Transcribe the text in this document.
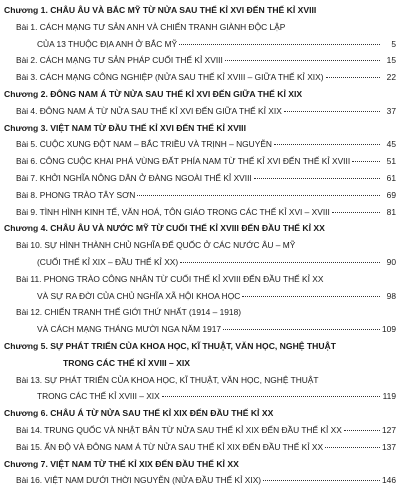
Chương 1. CHÂU ÂU VÀ BẮC MỸ TỪ NỬA SAU THẾ KỈ XVI ĐẾN THẾ KỈ XVIII
Bài 1. CÁCH MẠNG TƯ SẢN ANH VÀ CHIẾN TRANH GIÀNH ĐỘC LẬP
CỦA 13 THUỘC ĐỊA ANH Ở BẮC MỸ	5
Bài 2. CÁCH MẠNG TƯ SẢN PHÁP CUỐI THẾ KỈ XVIII	15
Bài 3. CÁCH MẠNG CÔNG NGHIỆP (NỬA SAU THẾ KỈ XVIII – GIỮA THẾ KỈ XIX)	22
Chương 2. ĐÔNG NAM Á TỪ NỬA SAU THẾ KỈ XVI ĐẾN GIỮA THẾ KỈ XIX
Bài 4. ĐÔNG NAM Á TỪ NỬA SAU THẾ KỈ XVI ĐẾN GIỮA THẾ KỈ XIX	37
Chương 3. VIỆT NAM TỪ ĐẦU THẾ KỈ XVI ĐẾN THẾ KỈ XVIII
Bài 5. CUỘC XUNG ĐỘT NAM – BẮC TRIỀU VÀ TRỊNH – NGUYỄN	45
Bài 6. CÔNG CUỘC KHAI PHÁ VÙNG ĐẤT PHÍA NAM TỪ THẾ KỈ XVI ĐẾN THẾ KỈ XVIII	51
Bài 7. KHỞI NGHĨA NÔNG DÂN Ở ĐÀNG NGOÀI THẾ KỈ XVIII	61
Bài 8. PHONG TRÀO TÂY SƠN	69
Bài 9. TÌNH HÌNH KINH TẾ, VĂN HOÁ, TÔN GIÁO TRONG CÁC THẾ KỈ XVI – XVIII	81
Chương 4. CHÂU ÂU VÀ NƯỚC MỸ TỪ CUỐI THẾ KỈ XVIII ĐẾN ĐẦU THẾ KỈ XX
Bài 10. SỰ HÌNH THÀNH CHỦ NGHĨA ĐẾ QUỐC Ở CÁC NƯỚC ÂU – MỸ
(CUỐI THẾ KỈ XIX – ĐẦU THẾ KỈ XX)	90
Bài 11. PHONG TRÀO CÔNG NHÂN TỪ CUỐI THẾ KỈ XVIII ĐẾN ĐẦU THẾ KỈ XX
VÀ SỰ RA ĐỜI CỦA CHỦ NGHĨA XÃ HỘI KHOA HỌC	98
Bài 12. CHIẾN TRANH THẾ GIỚI THỨ NHẤT (1914 – 1918)
VÀ CÁCH MẠNG THÁNG MƯỜI NGA NĂM 1917	109
Chương 5. SỰ PHÁT TRIỂN CỦA KHOA HỌC, KĨ THUẬT, VĂN HỌC, NGHỆ THUẬT
TRONG CÁC THẾ KỈ XVIII – XIX
Bài 13. SỰ PHÁT TRIỂN CỦA KHOA HỌC, KĨ THUẬT, VĂN HỌC, NGHỆ THUẬT
TRONG CÁC THẾ KỈ XVIII – XIX	119
Chương 6. CHÂU Á TỪ NỬA SAU THẾ KỈ XIX ĐẾN ĐẦU THẾ KỈ XX
Bài 14. TRUNG QUỐC VÀ NHẬT BẢN TỪ NỬA SAU THẾ KỈ XIX ĐẾN ĐẦU THẾ KỈ XX	127
Bài 15. ẤN ĐỘ VÀ ĐÔNG NAM Á TỪ NỬA SAU THẾ KỈ XIX ĐẾN ĐẦU THẾ KỈ XX	137
Chương 7. VIỆT NAM TỪ THẾ KỈ XIX ĐẾN ĐẦU THẾ KỈ XX
Bài 16. VIỆT NAM DƯỚI THỜI NGUYỄN (NỬA ĐẦU THẾ KỈ XIX)	146
